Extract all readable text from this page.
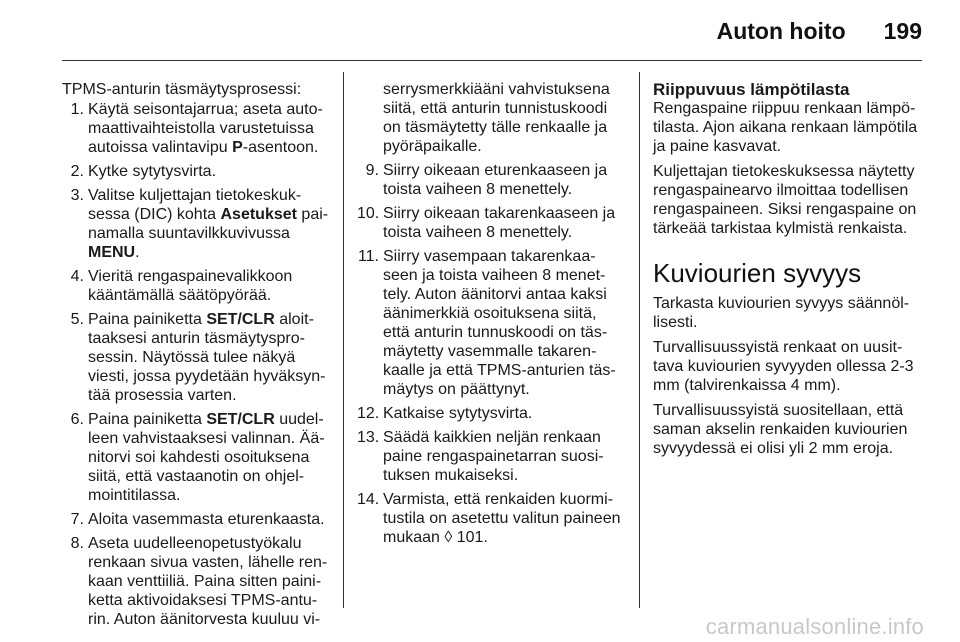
Auton hoito 199

TPMS-anturin täsmäytysprosessi:

1. Käytä seisontajarrua; aseta auto-maattivaihteistolla varustetuissa autoissa valintavipu P-asentoon.
2. Kytke sytytysvirta.
3. Valitse kuljettajan tietokeskuk-sessa (DIC) kohta Asetukset pai-namalla suuntavilkkuvivussa MENU.
4. Vieritä rengaspainevalikkoon kääntämällä säätöpyörää.
5. Paina painiketta SET/CLR aloit-taaksesi anturin täsmäytyspro-sessin. Näytössä tulee näkyä viesti, jossa pyydetään hyväksyn-tää prosessia varten.
6. Paina painiketta SET/CLR uudel-leen vahvistaaksesi valinnan. Ää-nitorvi soi kahdesti osoituksena siitä, että vastaanotin on ohjel-mointitilassa.
7. Aloita vasemmasta eturenkaasta.
8. Aseta uudelleenopetustyökalu renkaan sivua vasten, lähelle ren-kaan venttiiliä. Paina sitten paini-ketta aktivoidaksesi TPMS-antu-rin. Auton äänitorvesta kuuluu vi-
serrysmerkkiääni vahvistuksena siitä, että anturin tunnistuskoodi on täsmäytetty tälle renkaalle ja pyöräpaikalle.
9. Siirry oikeaan eturenkaaseen ja toista vaiheen 8 menettely.
10. Siirry oikeaan takarenkaaseen ja toista vaiheen 8 menettely.
11. Siirry vasempaan takarenkaa-seen ja toista vaiheen 8 menet-tely. Auton äänitorvi antaa kaksi äänimerkkiä osoituksena siitä, että anturin tunnuskoodi on täs-mäytetty vasemmalle takaren-kaalle ja että TPMS-anturien täs-mäytys on päättynyt.
12. Katkaise sytytysvirta.
13. Säädä kaikkien neljän renkaan paine rengaspainetarran suosi-tuksen mukaiseksi.
14. Varmista, että renkaiden kuormi-tustila on asetettu valitun paineen mukaan ◊ 101.
Riippuvuus lämpötilasta

Rengaspaine riippuu renkaan lämpö-tilasta. Ajon aikana renkaan lämpötila ja paine kasvavat.

Kuljettajan tietokeskuksessa näytetty rengaspainearvo ilmoittaa todellisen rengaspaineen. Siksi rengaspaine on tärkeää tarkistaa kylmistä renkaista.

Kuviourien syvyys

Tarkasta kuviourien syvyys säännöl-lisesti.

Turvallisuussyistä renkaat on uusit-tava kuviourien syvyyden ollessa 2-3 mm (talvirenkaissa 4 mm).

Turvallisuussyistä suositellaan, että saman akselin renkaiden kuviourien syvyydessä ei olisi yli 2 mm eroja.

carmanualsonline.info
